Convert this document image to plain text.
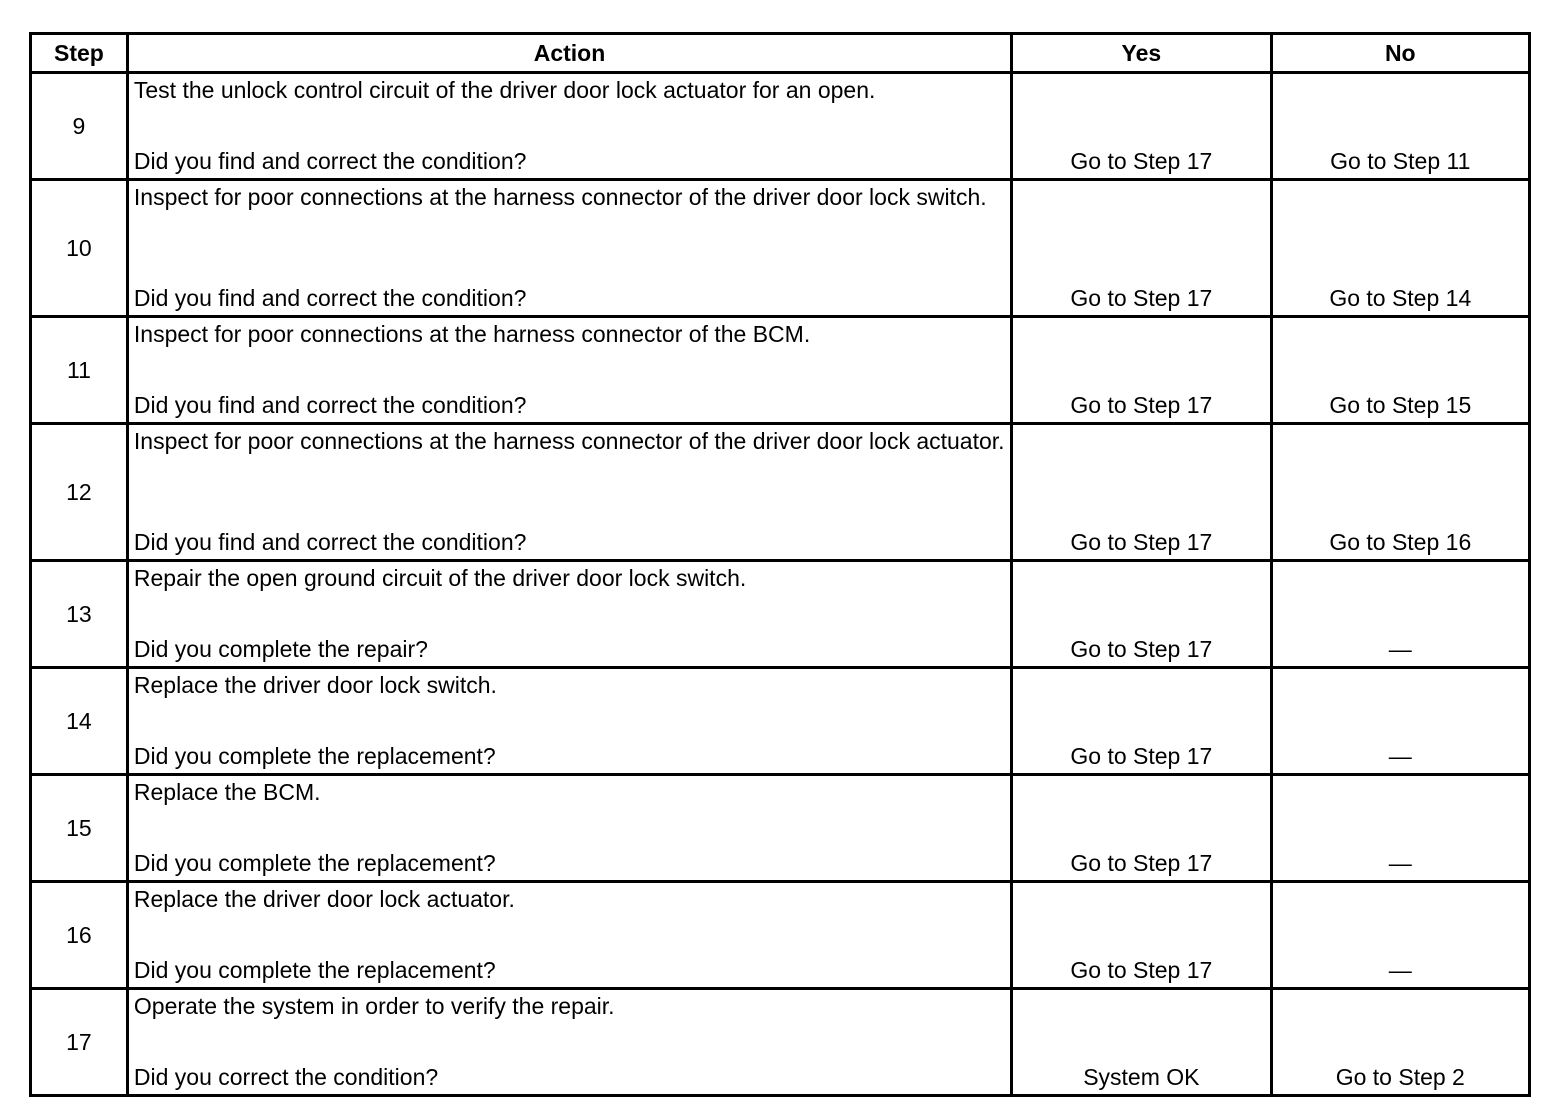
Step	Action	Yes	No
9	Test the unlock control circuit of the driver door lock actuator for an open.
Did you find and correct the condition?	Go to Step 17	Go to Step 11
10	Inspect for poor connections at the harness connector of the driver door lock switch.
Did you find and correct the condition?	Go to Step 17	Go to Step 14
11	Inspect for poor connections at the harness connector of the BCM.
Did you find and correct the condition?	Go to Step 17	Go to Step 15
12	Inspect for poor connections at the harness connector of the driver door lock actuator.
Did you find and correct the condition?	Go to Step 17	Go to Step 16
13	Repair the open ground circuit of the driver door lock switch.
Did you complete the repair?	Go to Step 17	—
14	Replace the driver door lock switch.
Did you complete the replacement?	Go to Step 17	—
15	Replace the BCM.
Did you complete the replacement?	Go to Step 17	—
16	Replace the driver door lock actuator.
Did you complete the replacement?	Go to Step 17	—
17	Operate the system in order to verify the repair.
Did you correct the condition?	System OK	Go to Step 2
